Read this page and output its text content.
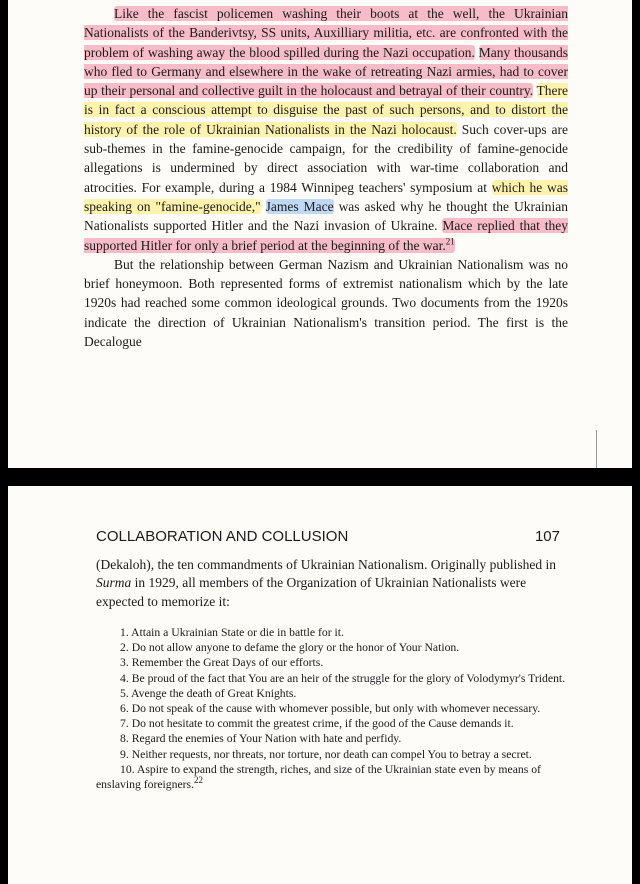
Like the fascist policemen washing their boots at the well, the Ukrainian Nationalists of the Banderivtsy, SS units, Auxilliary militia, etc. are confronted with the problem of washing away the blood spilled during the Nazi occupation. Many thousands who fled to Germany and elsewhere in the wake of retreating Nazi armies, had to cover up their personal and collective guilt in the holocaust and betrayal of their country. There is in fact a conscious attempt to disguise the past of such persons, and to distort the history of the role of Ukrainian Nationalists in the Nazi holocaust. Such cover-ups are sub-themes in the famine-genocide campaign, for the credibility of famine-genocide allegations is undermined by direct association with war-time collaboration and atrocities. For example, during a 1984 Winnipeg teachers' symposium at which he was speaking on "famine-genocide," James Mace was asked why he thought the Ukrainian Nationalists supported Hitler and the Nazi invasion of Ukraine. Mace replied that they supported Hitler for only a brief period at the beginning of the war.$^{21}$

But the relationship between German Nazism and Ukrainian Nationalism was no brief honeymoon. Both represented forms of extremist nationalism which by the late 1920s had reached some common ideological grounds. Two documents from the 1920s indicate the direction of Ukrainian Nationalism's transition period. The first is the Decalogue

COLLABORATION AND COLLUSION	107

(Dekaloh), the ten commandments of Ukrainian Nationalism. Originally published in Surma in 1929, all members of the Organization of Ukrainian Nationalists were expected to memorize it:

1. Attain a Ukrainian State or die in battle for it.
2. Do not allow anyone to defame the glory or the honor of Your Nation.
3. Remember the Great Days of our efforts.
4. Be proud of the fact that You are an heir of the struggle for the glory of Volodymyr's Trident.
5. Avenge the death of Great Knights.
6. Do not speak of the cause with whomever possible, but only with whomever necessary.
7. Do not hesitate to commit the greatest crime, if the good of the Cause demands it.
8. Regard the enemies of Your Nation with hate and perfidy.
9. Neither requests, nor threats, nor torture, nor death can compel You to betray a secret.
10. Aspire to expand the strength, riches, and size of the Ukrainian state even by means of enslaving foreigners.$^{22}$
